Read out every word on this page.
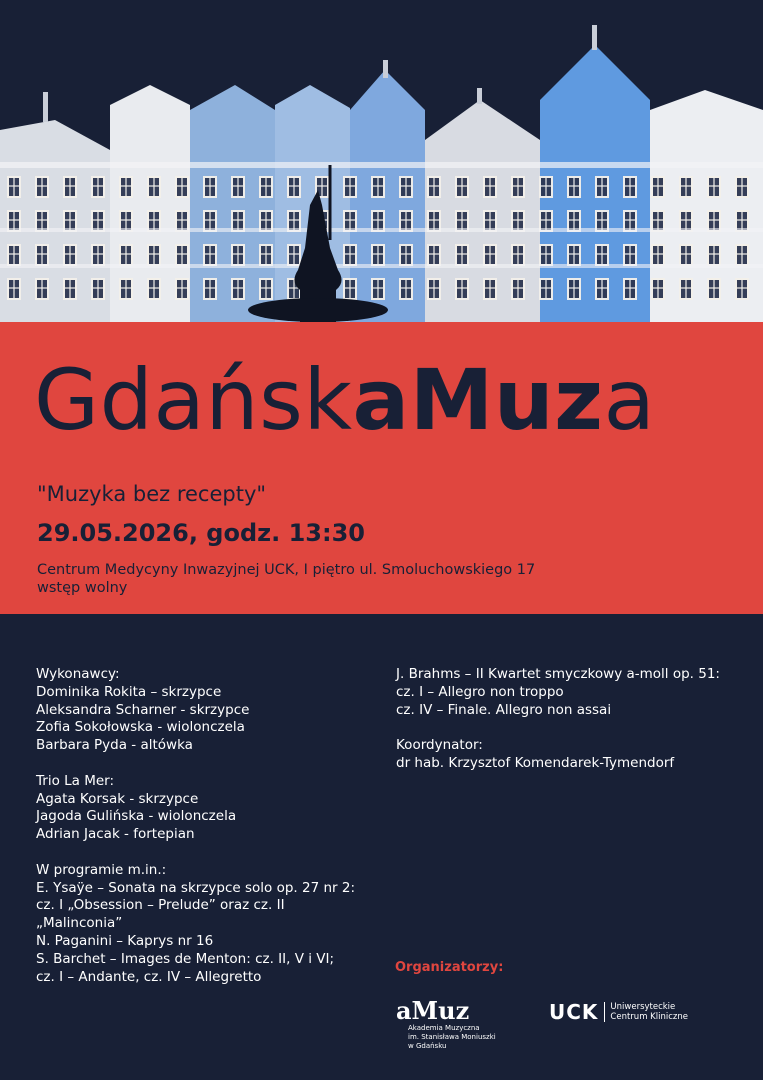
GdańskaMuza
"Muzyka bez recepty"
29.05.2026, godz. 13:30
Centrum Medycyny Inwazyjnej UCK, I piętro ul. Smoluchowskiego 17
wstęp wolny
Wykonawcy:
Dominika Rokita – skrzypce
Aleksandra Scharner - skrzypce
Zofia Sokołowska - wiolonczela
Barbara Pyda - altówka
Trio La Mer:
Agata Korsak - skrzypce
Jagoda Gulińska - wiolonczela
Adrian Jacak - fortepian
W programie m.in.:
E. Ysaÿe – Sonata na skrzypce solo op. 27 nr 2:
cz. I „Obsession – Prelude” oraz cz. II
„Malinconia”
N. Paganini – Kaprys nr 16
S. Barchet – Images de Menton: cz. II, V i VI;
cz. I – Andante, cz. IV – Allegretto
J. Brahms – II Kwartet smyczkowy a-moll op. 51:
cz. I – Allegro non troppo
cz. IV – Finale. Allegro non assai
Koordynator:
dr hab. Krzysztof Komendarek-Tymendorf
Organizatorzy:
aMuz
Akademia Muzyczna
im. Stanisława Moniuszki
w Gdańsku
UCK Uniwersyteckie
Centrum Kliniczne
